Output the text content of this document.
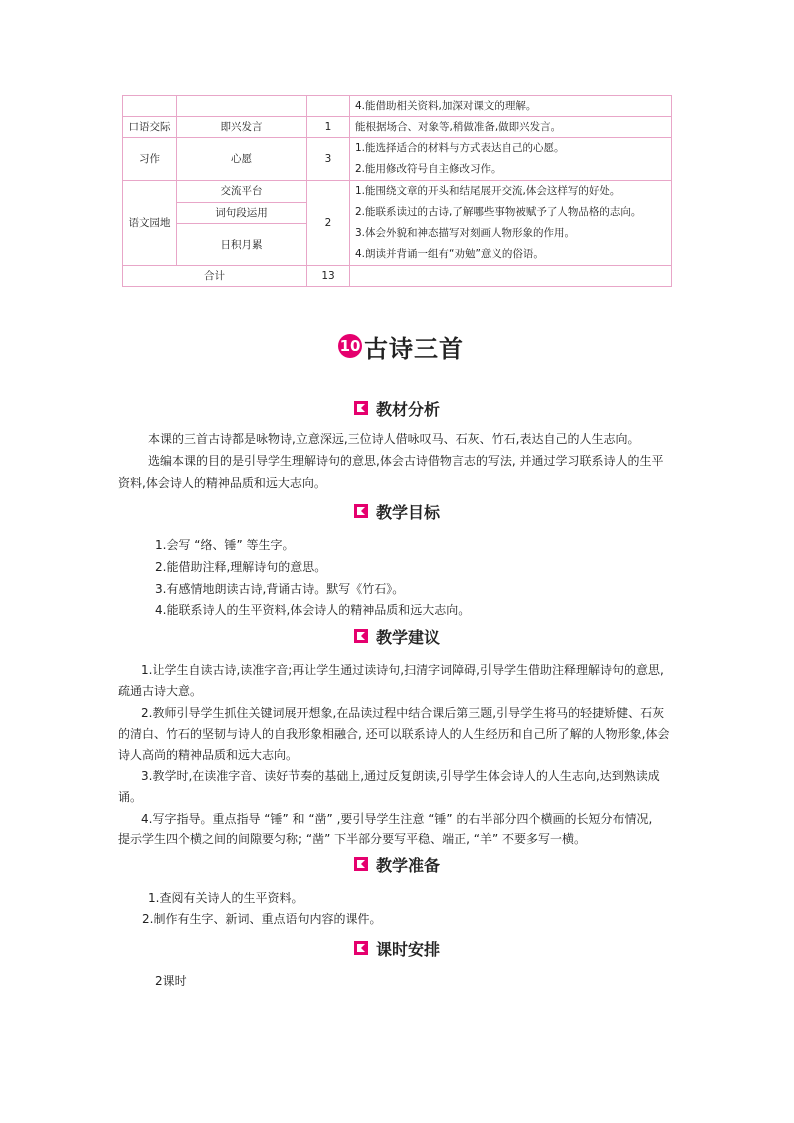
			4.能借助相关资料,加深对课文的理解。
口语交际	即兴发言	1	能根据场合、对象等,稍做准备,做即兴发言。
习作	心愿	3	1.能选择适合的材料与方式表达自己的心愿。
2.能用修改符号自主修改习作。

语文园地	交流平台	2	1.能围绕文章的开头和结尾展开交流,体会这样写的好处。
2.能联系读过的古诗,了解哪些事物被赋予了人物品格的志向。
3.体会外貌和神态描写对刻画人物形象的作用。
4.朗读并背诵一组有“劝勉”意义的俗语。

	词句段运用		
	日积月累		
合计		13	
10 古诗三首
教材分析
本课的三首古诗都是咏物诗,立意深远,三位诗人借咏叹马、石灰、竹石,表达自己的人生志向。
选编本课的目的是引导学生理解诗句的意思,体会古诗借物言志的写法, 并通过学习联系诗人的生平
资料,体会诗人的精神品质和远大志向。
教学目标
1.会写 “络、锤” 等生字。
2.能借助注释,理解诗句的意思。
3.有感情地朗读古诗,背诵古诗。默写《竹石》。
4.能联系诗人的生平资料,体会诗人的精神品质和远大志向。
教学建议
1.让学生自读古诗,读准字音;再让学生通过读诗句,扫清字词障碍,引导学生借助注释理解诗句的意思,
疏通古诗大意。
2.教师引导学生抓住关键词展开想象,在品读过程中结合课后第三题,引导学生将马的轻捷矫健、石灰
的清白、竹石的坚韧与诗人的自我形象相融合, 还可以联系诗人的人生经历和自己所了解的人物形象,体会
诗人高尚的精神品质和远大志向。
3.教学时,在读准字音、读好节奏的基础上,通过反复朗读,引导学生体会诗人的人生志向,达到熟读成
诵。
4.写字指导。重点指导 “锤” 和 “凿” ,要引导学生注意 “锤” 的右半部分四个横画的长短分布情况,
提示学生四个横之间的间隙要匀称; “凿” 下半部分要写平稳、端正, “羊” 不要多写一横。
教学准备
1.查阅有关诗人的生平资料。
2.制作有生字、新词、重点语句内容的课件。
课时安排
2课时
